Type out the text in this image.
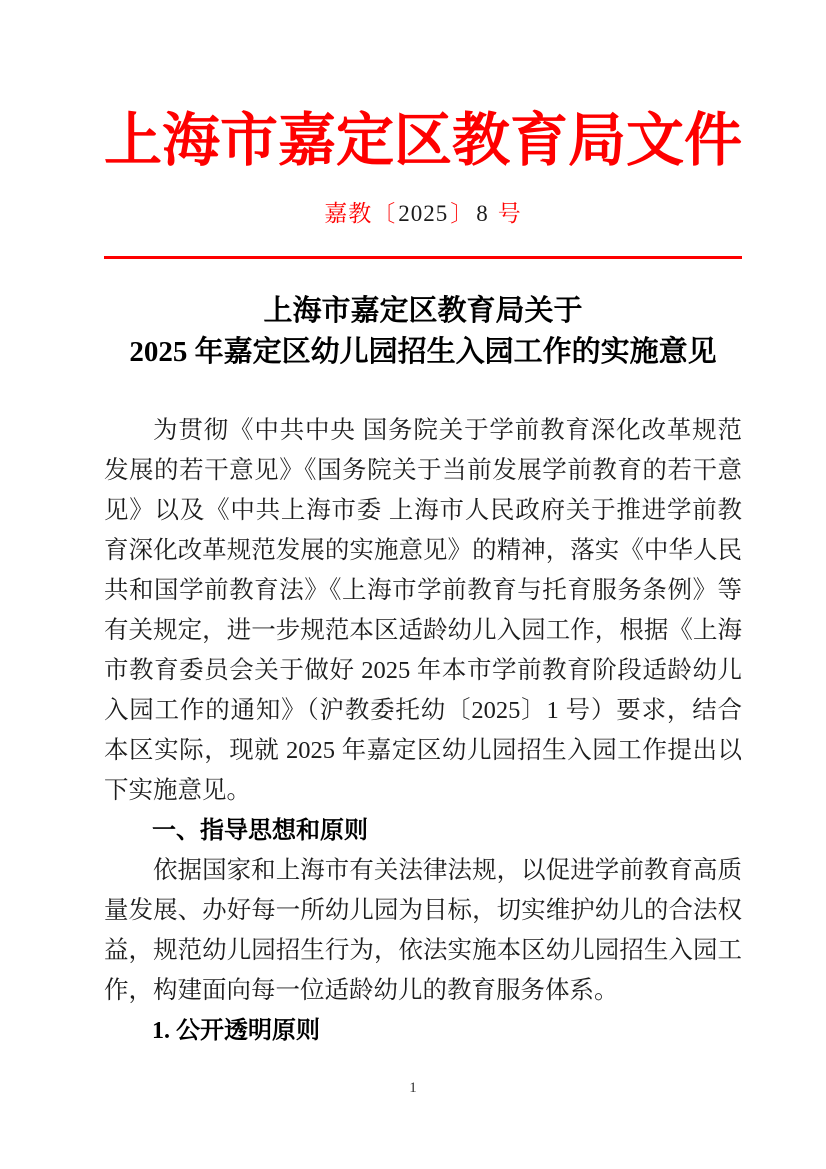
上海市嘉定区教育局文件
嘉教〔2025〕8 号
上海市嘉定区教育局关于
2025 年嘉定区幼儿园招生入园工作的实施意见

为贯彻《中共中央 国务院关于学前教育深化改革规范发展的若干意见》《国务院关于当前发展学前教育的若干意见》以及《中共上海市委 上海市人民政府关于推进学前教育深化改革规范发展的实施意见》的精神，落实《中华人民共和国学前教育法》《上海市学前教育与托育服务条例》等有关规定，进一步规范本区适龄幼儿入园工作，根据《上海市教育委员会关于做好 2025 年本市学前教育阶段适龄幼儿入园工作的通知》（沪教委托幼〔2025〕1 号）要求，结合本区实际，现就 2025 年嘉定区幼儿园招生入园工作提出以下实施意见。

一、指导思想和原则

依据国家和上海市有关法律法规，以促进学前教育高质量发展、办好每一所幼儿园为目标，切实维护幼儿的合法权益，规范幼儿园招生行为，依法实施本区幼儿园招生入园工作，构建面向每一位适龄幼儿的教育服务体系。

1. 公开透明原则
1
